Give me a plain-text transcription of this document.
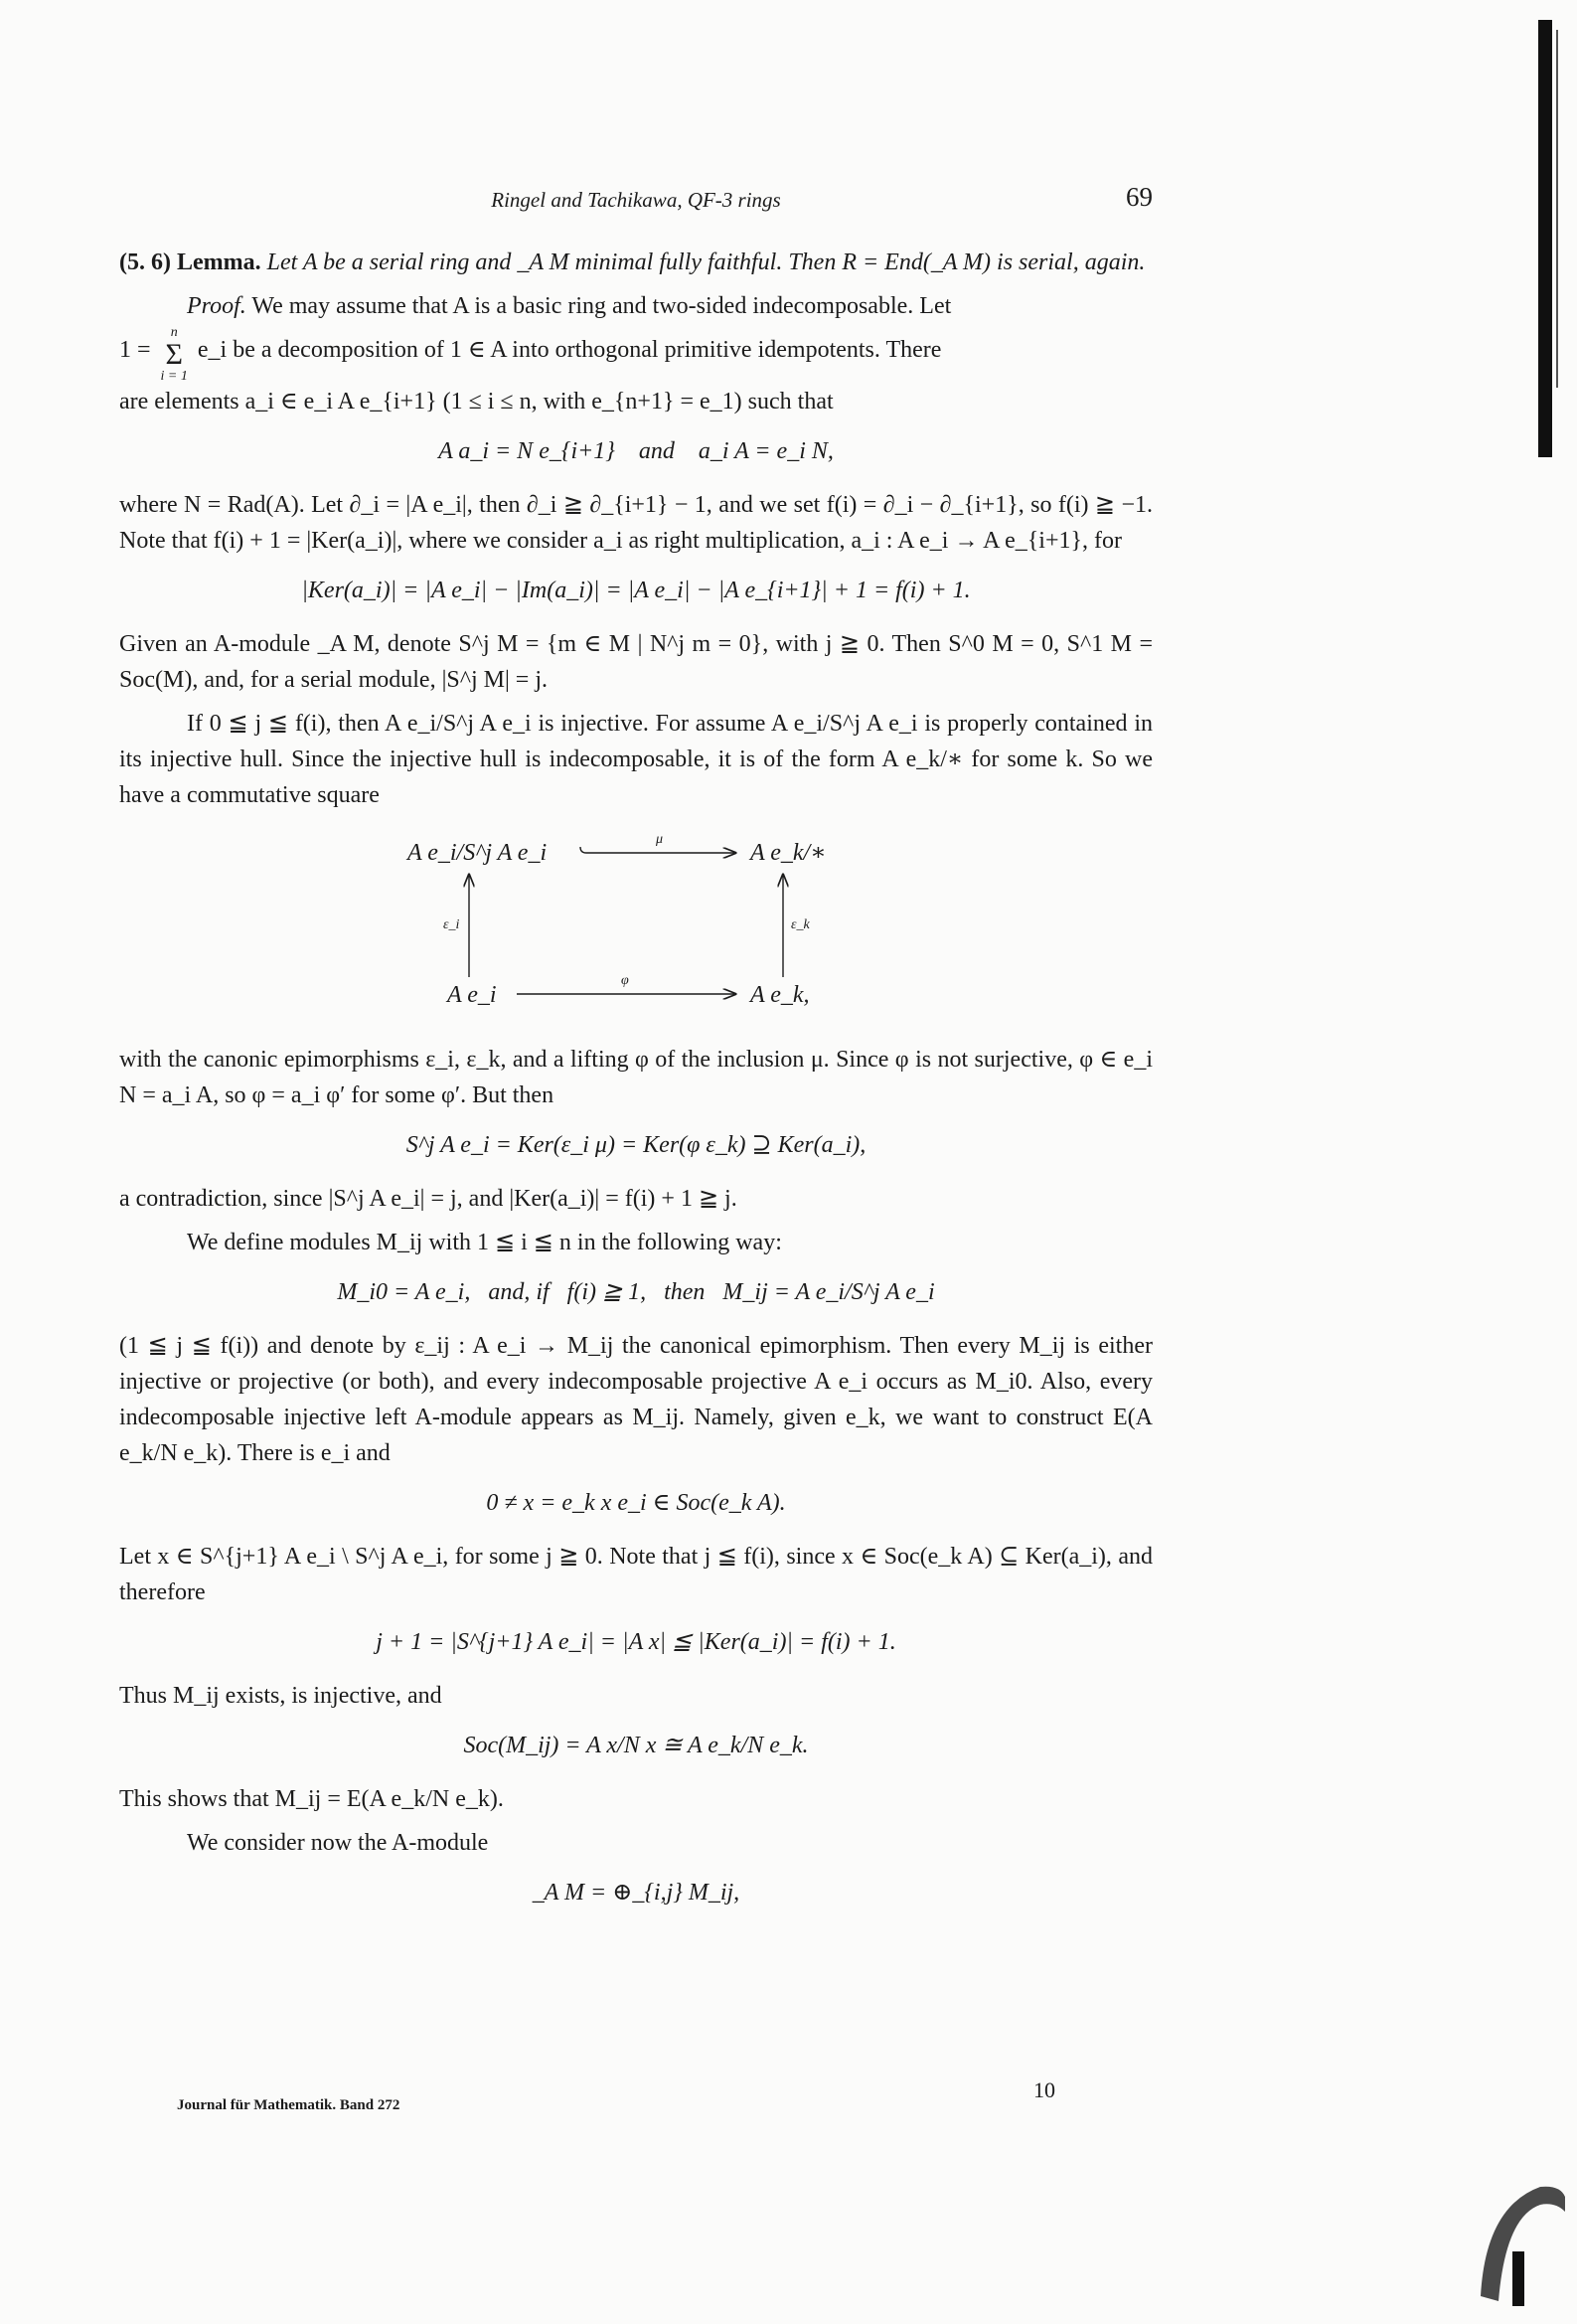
Ringel and Tachikawa, QF-3 rings	69

(5. 6) Lemma. Let A be a serial ring and _A M minimal fully faithful. Then R = End(_A M) is serial, again.

Proof. We may assume that A is a basic ring and two-sided indecomposable. Let

1 =
n
Σ
i = 1
e_i be a decomposition of 1 ∈ A into orthogonal primitive idempotents. There

are elements a_i ∈ e_i A e_{i+1} (1 ≤ i ≤ n, with e_{n+1} = e_1) such that

A a_i = N e_{i+1}    and    a_i A = e_i N,

where N = Rad(A). Let ∂_i = |A e_i|, then ∂_i ≧ ∂_{i+1} − 1, and we set f(i) = ∂_i − ∂_{i+1}, so f(i) ≧ −1. Note that f(i) + 1 = |Ker(a_i)|, where we consider a_i as right multiplication, a_i : A e_i → A e_{i+1}, for

|Ker(a_i)| = |A e_i| − |Im(a_i)| = |A e_i| − |A e_{i+1}| + 1 = f(i) + 1.

Given an A-module _A M, denote S^j M = {m ∈ M | N^j m = 0}, with j ≧ 0. Then S^0 M = 0, S^1 M = Soc(M), and, for a serial module, |S^j M| = j.

If 0 ≦ j ≦ f(i), then A e_i/S^j A e_i is injective. For assume A e_i/S^j A e_i is properly contained in its injective hull. Since the injective hull is indecomposable, it is of the form A e_k/∗ for some k. So we have a commutative square

A e_i/S^j A e_i	A e_k/∗
A e_i	A e_k,
μ
φ
ε_i	ε_k

with the canonic epimorphisms ε_i, ε_k, and a lifting φ of the inclusion μ. Since φ is not surjective, φ ∈ e_i N = a_i A, so φ = a_i φ′ for some φ′. But then

S^j A e_i = Ker(ε_i μ) = Ker(φ ε_k) ⊇ Ker(a_i),

a contradiction, since |S^j A e_i| = j, and |Ker(a_i)| = f(i) + 1 ≧ j.

We define modules M_ij with 1 ≦ i ≦ n in the following way:

M_i0 = A e_i,   and, if   f(i) ≧ 1,   then   M_ij = A e_i/S^j A e_i

(1 ≦ j ≦ f(i)) and denote by ε_ij : A e_i → M_ij the canonical epimorphism. Then every M_ij is either injective or projective (or both), and every indecomposable projective A e_i occurs as M_i0. Also, every indecomposable injective left A-module appears as M_ij. Namely, given e_k, we want to construct E(A e_k/N e_k). There is e_i and

0 ≠ x = e_k x e_i ∈ Soc(e_k A).

Let x ∈ S^{j+1} A e_i \ S^j A e_i, for some j ≧ 0. Note that j ≦ f(i), since x ∈ Soc(e_k A) ⊆ Ker(a_i), and therefore

j + 1 = |S^{j+1} A e_i| = |A x| ≦ |Ker(a_i)| = f(i) + 1.

Thus M_ij exists, is injective, and

Soc(M_ij) = A x/N x ≅ A e_k/N e_k.

This shows that M_ij = E(A e_k/N e_k).

We consider now the A-module

_A M = ⊕_{i,j} M_ij,
Journal für Mathematik. Band 272
10
